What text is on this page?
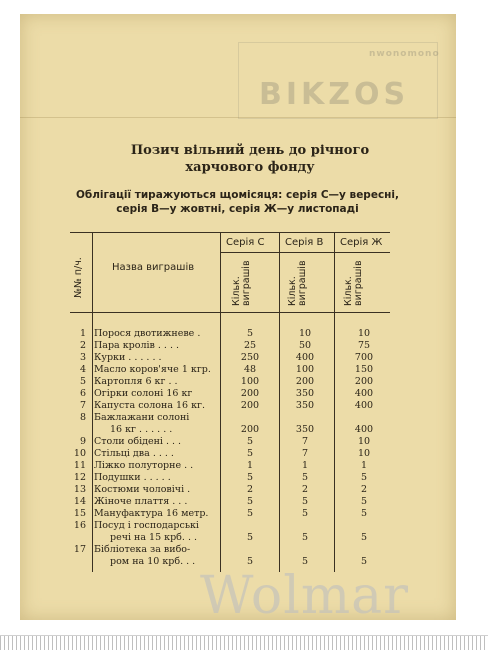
nwonomono
BIKZOS
Позич вільний день до річного
харчового фонду
Облігації тиражуються щомісяця: серія С—у вересні,
серія В—у жовтні, серія Ж—у листопаді
№№ п/ч.	Назва виграшів
Серія С Серія В Серія Ж
Кільк. виграшів	Кільк. виграшів	Кільк. виграшів
1 Порося двотижневе .	5	10	10
2 Пара кролів . . . .	25	50	75
3 Курки . . . . . .	250	400	700
4 Масло коров'яче 1 кгр.	48	100	150
5 Картопля 6 кг . .	100	200	200
6 Огірки солоні 16 кг	200	350	400
7 Капуста солона 16 кг.	200	350	400
8 Бажлажани солоні
16 кг . . . . . .	200	350	400
9 Столи обідені . . .	5	7	10
10 Стільці два . . . .	5	7	10
11 Ліжко полуторне . .	1	1	1
12 Подушки . . . . .	5	5	5
13 Костюми чоловічі .	2	2	2
14 Жіноче плаття . . .	5	5	5
15 Мануфактура 16 метр.	5	5	5
16 Посуд і господарські
речі на 15 крб. . .	5	5	5
17 Бібліотека за вибо-
ром на 10 крб. . .	5	5	5
Wolmar
